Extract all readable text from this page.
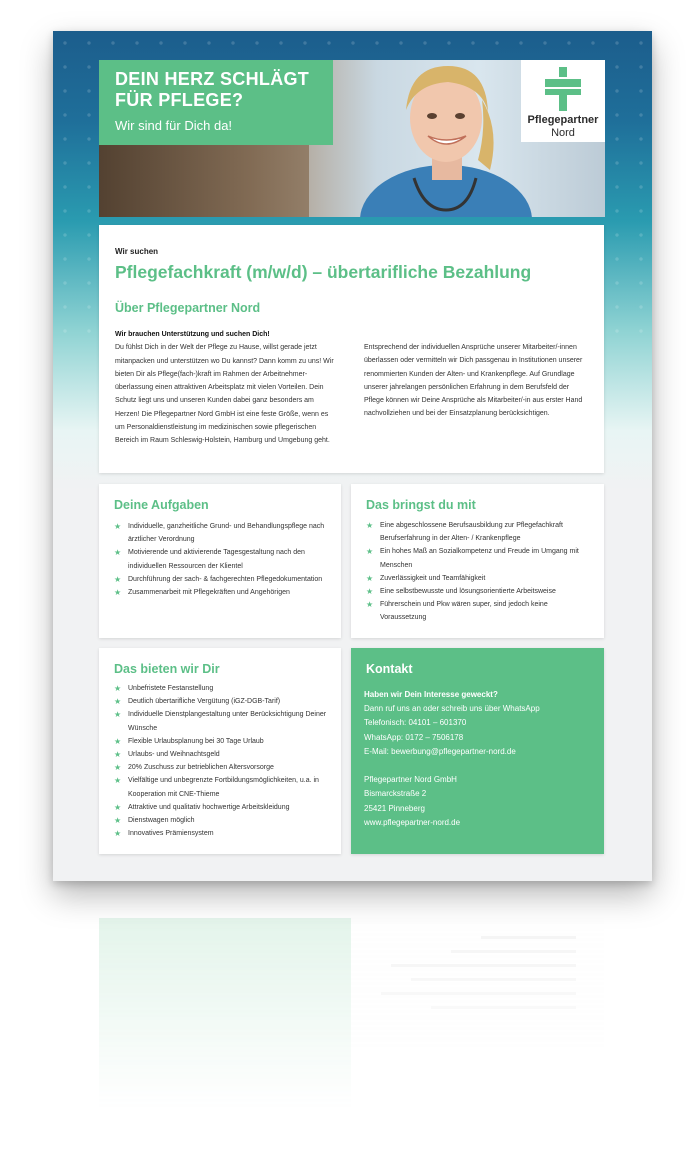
DEIN HERZ SCHLÄGT FÜR PFLEGE?
Wir sind für Dich da!	Pflegepartner
Nord
Wir suchen
Pflegefachkraft (m/w/d) – übertarifliche Bezahlung
Über Pflegepartner Nord

Wir brauchen Unterstützung und suchen Dich!

Du fühlst Dich in der Welt der Pflege zu Hause, willst gerade jetzt mitanpacken und unterstützen wo Du kannst? Dann komm zu uns! Wir bieten Dir als Pflege(fach-)kraft im Rahmen der Arbeitnehmer-überlassung einen attraktiven Arbeitsplatz mit vielen Vorteilen. Dein Schutz liegt uns und unseren Kunden dabei ganz besonders am Herzen! Die Pflegepartner Nord GmbH ist eine feste Größe, wenn es um Personaldienstleistung im medizinischen sowie pflegerischen Bereich im Raum Schleswig-Holstein, Hamburg und Umgebung geht.

Entsprechend der individuellen Ansprüche unserer Mitarbeiter/-innen überlassen oder vermitteln wir Dich passgenau in Institutionen unserer renommierten Kunden der Alten- und Krankenpflege. Auf Grundlage unserer jahrelangen persönlichen Erfahrung in dem Berufsfeld der Pflege können wir Deine Ansprüche als Mitarbeiter/-in aus erster Hand nachvollziehen und bei der Einsatzplanung berücksichtigen.

Deine Aufgaben
★ Individuelle, ganzheitliche Grund- und Behandlungspflege nach ärztlicher Verordnung
★ Motivierende und aktivierende Tagesgestaltung nach den individuellen Ressourcen der Klientel
★ Durchführung der sach- & fachgerechten Pflegedokumentation
★ Zusammenarbeit mit Pflegekräften und Angehörigen
Das bringst du mit
★ Eine abgeschlossene Berufsausbildung zur Pflegefachkraft Berufserfahrung in der Alten- / Krankenpflege
★ Ein hohes Maß an Sozialkompetenz und Freude im Umgang mit Menschen
★ Zuverlässigkeit und Teamfähigkeit
★ Eine selbstbewusste und lösungsorientierte Arbeitsweise
★ Führerschein und Pkw wären super, sind jedoch keine Voraussetzung
Das bieten wir Dir
★ Unbefristete Festanstellung
★ Deutlich übertarifliche Vergütung (iGZ-DGB-Tarif)
★ Individuelle Dienstplangestaltung unter Berücksichtigung Deiner Wünsche
★ Flexible Urlaubsplanung bei 30 Tage Urlaub
★ Urlaubs- und Weihnachtsgeld
★ 20% Zuschuss zur betrieblichen Altersvorsorge
★ Vielfältige und unbegrenzte Fortbildungsmöglichkeiten, u.a. in Kooperation mit CNE-Thieme
★ Attraktive und qualitativ hochwertige Arbeitskleidung
★ Dienstwagen möglich
★ Innovatives Prämiensystem
Kontakt
Haben wir Dein Interesse geweckt?
Dann ruf uns an oder schreib uns über WhatsApp
Telefonisch: 04101 – 601370
WhatsApp: 0172 – 7506178
E-Mail: bewerbung@pflegepartner-nord.de
Pflegepartner Nord GmbH
Bismarckstraße 2
25421 Pinneberg
www.pflegepartner-nord.de
